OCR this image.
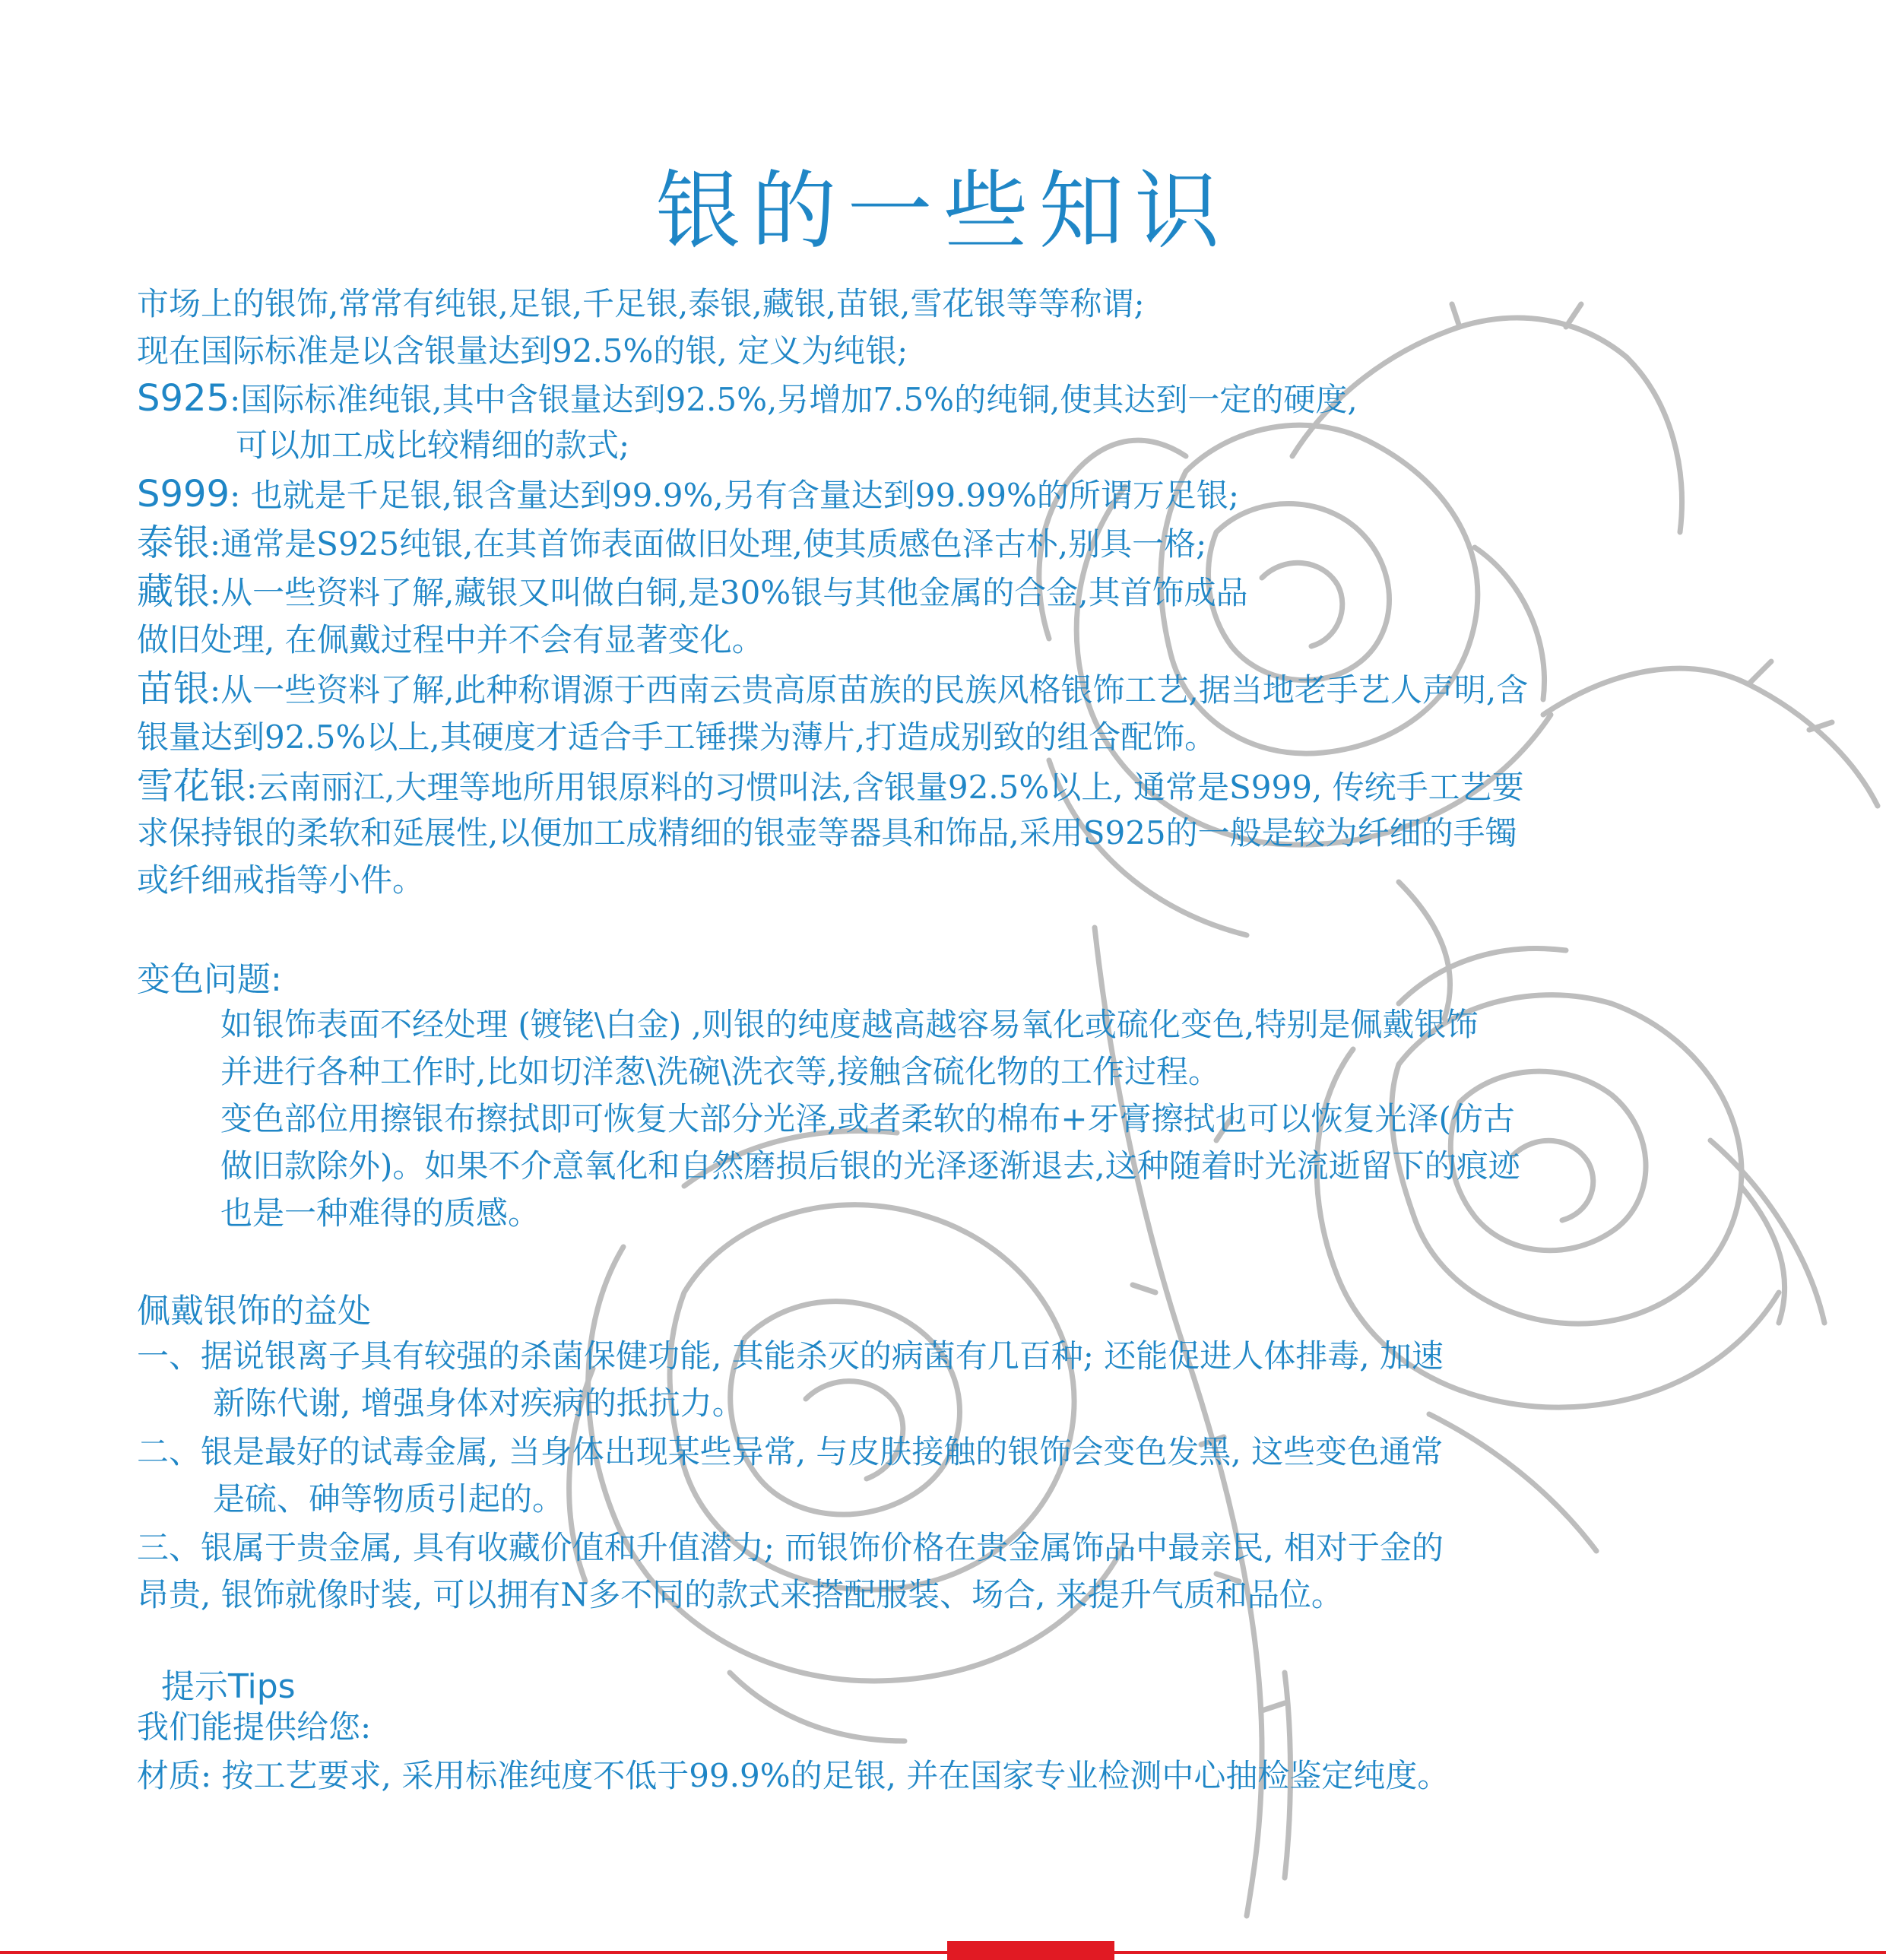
银的一些知识
市场上的银饰,常常有纯银,足银,千足银,泰银,藏银,苗银,雪花银等等称谓;
现在国际标准是以含银量达到92.5%的银, 定义为纯银;
S925:国际标准纯银,其中含银量达到92.5%,另增加7.5%的纯铜,使其达到一定的硬度,
可以加工成比较精细的款式;
S999: 也就是千足银,银含量达到99.9%,另有含量达到99.99%的所谓万足银;
泰银:通常是S925纯银,在其首饰表面做旧处理,使其质感色泽古朴,别具一格;
藏银:从一些资料了解,藏银又叫做白铜,是30%银与其他金属的合金,其首饰成品
做旧处理, 在佩戴过程中并不会有显著变化。
苗银:从一些资料了解,此种称谓源于西南云贵高原苗族的民族风格银饰工艺,据当地老手艺人声明,含
银量达到92.5%以上,其硬度才适合手工锤揲为薄片,打造成别致的组合配饰。
雪花银:云南丽江,大理等地所用银原料的习惯叫法,含银量92.5%以上, 通常是S999, 传统手工艺要
求保持银的柔软和延展性,以便加工成精细的银壶等器具和饰品,采用S925的一般是较为纤细的手镯
或纤细戒指等小件。
变色问题:
如银饰表面不经处理 (镀铑\白金) ,则银的纯度越高越容易氧化或硫化变色,特别是佩戴银饰
并进行各种工作时,比如切洋葱\洗碗\洗衣等,接触含硫化物的工作过程。
变色部位用擦银布擦拭即可恢复大部分光泽,或者柔软的棉布+牙膏擦拭也可以恢复光泽(仿古
做旧款除外)。如果不介意氧化和自然磨损后银的光泽逐渐退去,这种随着时光流逝留下的痕迹
也是一种难得的质感。
佩戴银饰的益处
一、据说银离子具有较强的杀菌保健功能, 其能杀灭的病菌有几百种; 还能促进人体排毒, 加速
新陈代谢, 增强身体对疾病的抵抗力。
二、银是最好的试毒金属, 当身体出现某些异常, 与皮肤接触的银饰会变色发黑, 这些变色通常
是硫、砷等物质引起的。
三、银属于贵金属, 具有收藏价值和升值潜力; 而银饰价格在贵金属饰品中最亲民, 相对于金的
昂贵, 银饰就像时装, 可以拥有N多不同的款式来搭配服装、场合, 来提升气质和品位。
提示Tips
我们能提供给您:
材质: 按工艺要求, 采用标准纯度不低于99.9%的足银, 并在国家专业检测中心抽检鉴定纯度。
